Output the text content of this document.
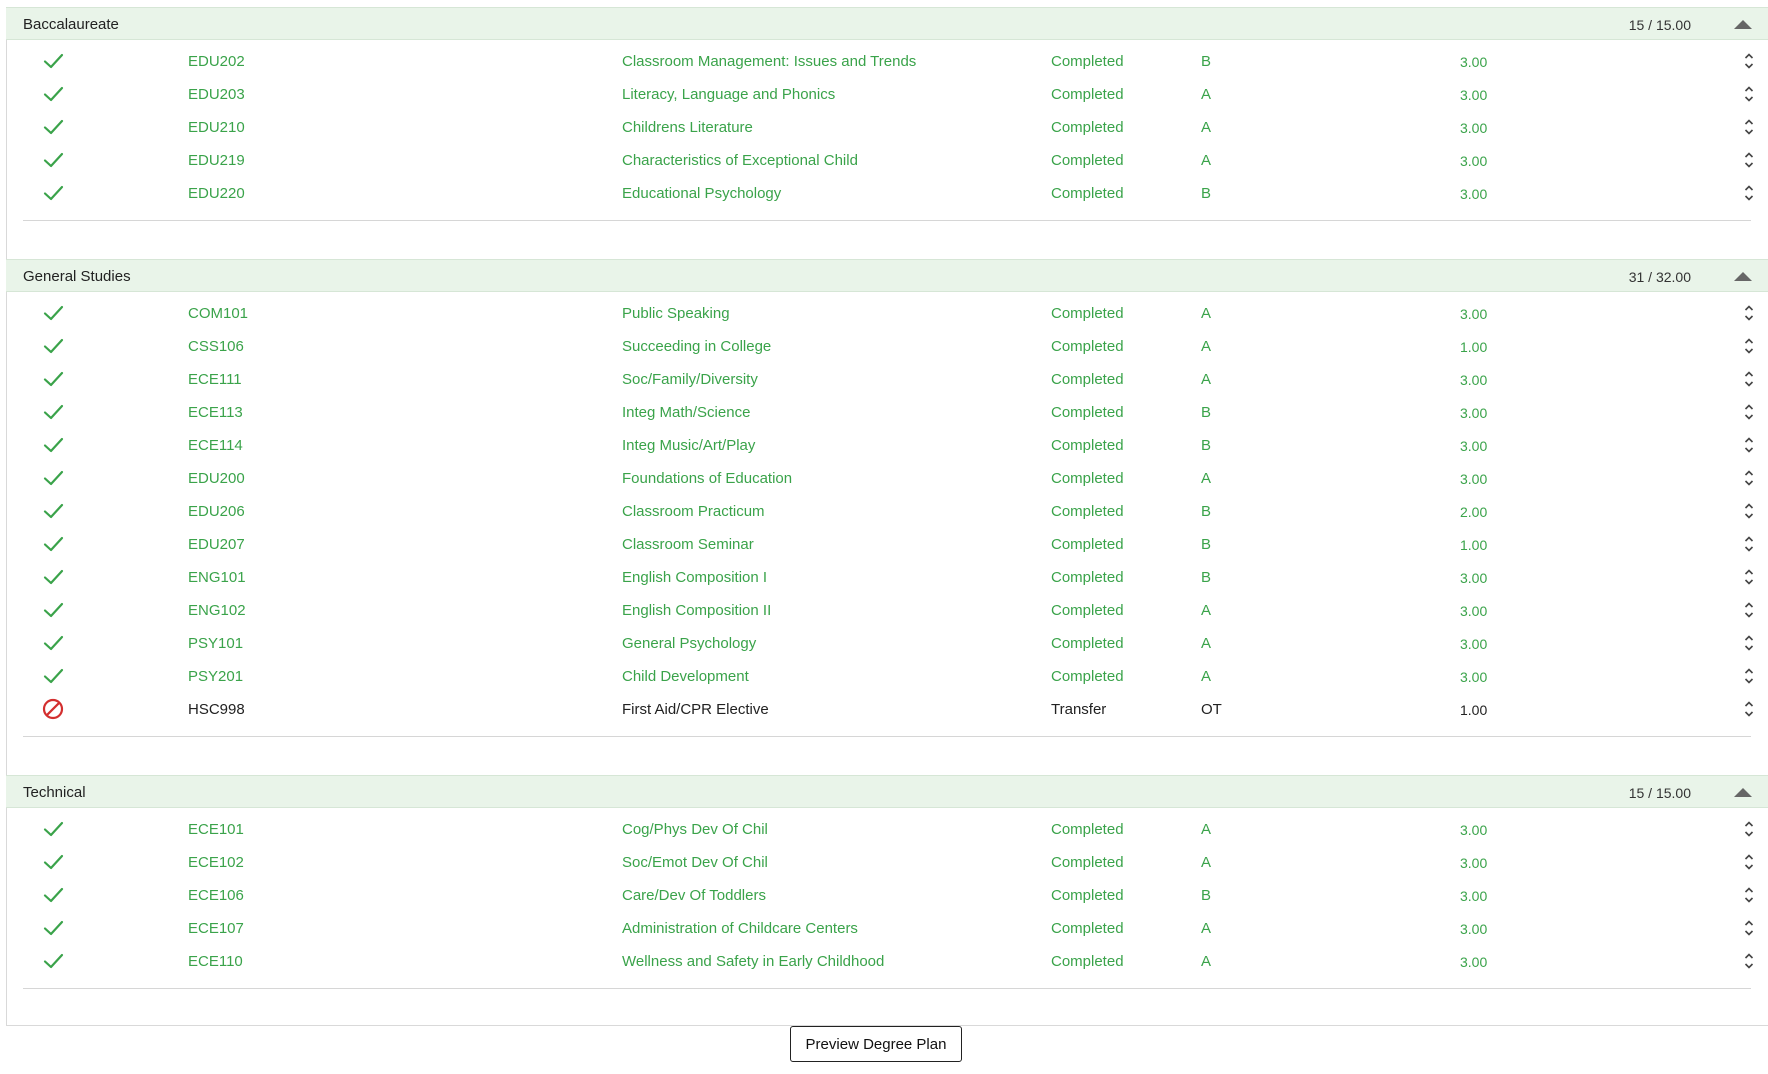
Baccalaureate	15 / 15.00
EDU202	Classroom Management: Issues and Trends	Completed	B	3.00
EDU203	Literacy, Language and Phonics	Completed	A	3.00
EDU210	Childrens Literature	Completed	A	3.00
EDU219	Characteristics of Exceptional Child	Completed	A	3.00
EDU220	Educational Psychology	Completed	B	3.00
General Studies	31 / 32.00
COM101	Public Speaking	Completed	A	3.00
CSS106	Succeeding in College	Completed	A	1.00
ECE111	Soc/Family/Diversity	Completed	A	3.00
ECE113	Integ Math/Science	Completed	B	3.00
ECE114	Integ Music/Art/Play	Completed	B	3.00
EDU200	Foundations of Education	Completed	A	3.00
EDU206	Classroom Practicum	Completed	B	2.00
EDU207	Classroom Seminar	Completed	B	1.00
ENG101	English Composition I	Completed	B	3.00
ENG102	English Composition II	Completed	A	3.00
PSY101	General Psychology	Completed	A	3.00
PSY201	Child Development	Completed	A	3.00
HSC998	First Aid/CPR Elective	Transfer	OT	1.00
Technical	15 / 15.00
ECE101	Cog/Phys Dev Of Chil	Completed	A	3.00
ECE102	Soc/Emot Dev Of Chil	Completed	A	3.00
ECE106	Care/Dev Of Toddlers	Completed	B	3.00
ECE107	Administration of Childcare Centers	Completed	A	3.00
ECE110	Wellness and Safety in Early Childhood	Completed	A	3.00
Preview Degree Plan
